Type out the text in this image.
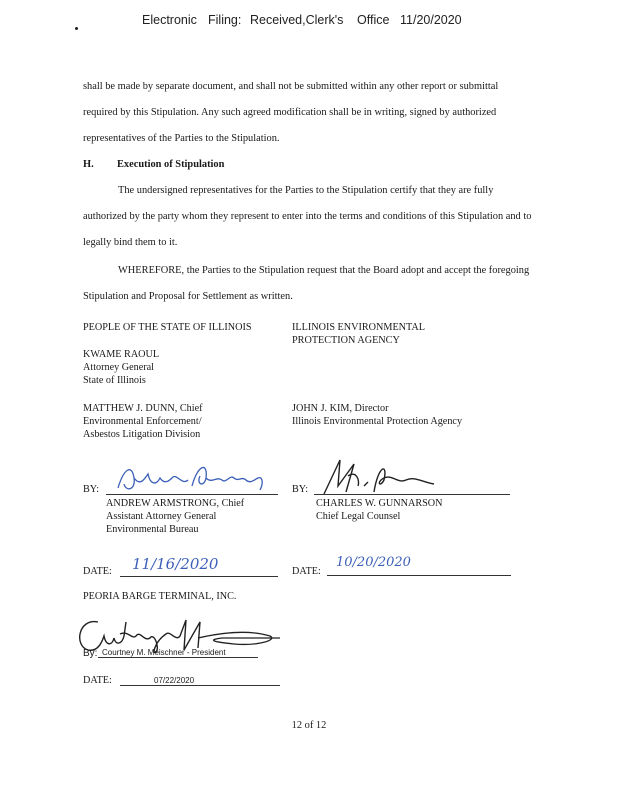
Electronic Filing: Received,Clerk's Office 11/20/2020

shall be made by separate document, and shall not be submitted within any other report or submittal required by this Stipulation. Any such agreed modification shall be in writing, signed by authorized representatives of the Parties to the Stipulation.

H. Execution of Stipulation

The undersigned representatives for the Parties to the Stipulation certify that they are fully authorized by the party whom they represent to enter into the terms and conditions of this Stipulation and to legally bind them to it.

WHEREFORE, the Parties to the Stipulation request that the Board adopt and accept the foregoing Stipulation and Proposal for Settlement as written.

PEOPLE OF THE STATE OF ILLINOIS
KWAME RAOUL
Attorney General
State of Illinois
MATTHEW J. DUNN, Chief
Environmental Enforcement/
Asbestos Litigation Division
BY:
ANDREW ARMSTRONG, Chief
Assistant Attorney General
Environmental Bureau
DATE: 11/16/2020
ILLINOIS ENVIRONMENTAL
PROTECTION AGENCY
JOHN J. KIM, Director
Illinois Environmental Protection Agency
BY:
CHARLES W. GUNNARSON
Chief Legal Counsel
DATE:
10/20/2020
PEORIA BARGE TERMINAL, INC.
By: Courtney M. Meischner - President
DATE:	07/22/2020
12 of 12
